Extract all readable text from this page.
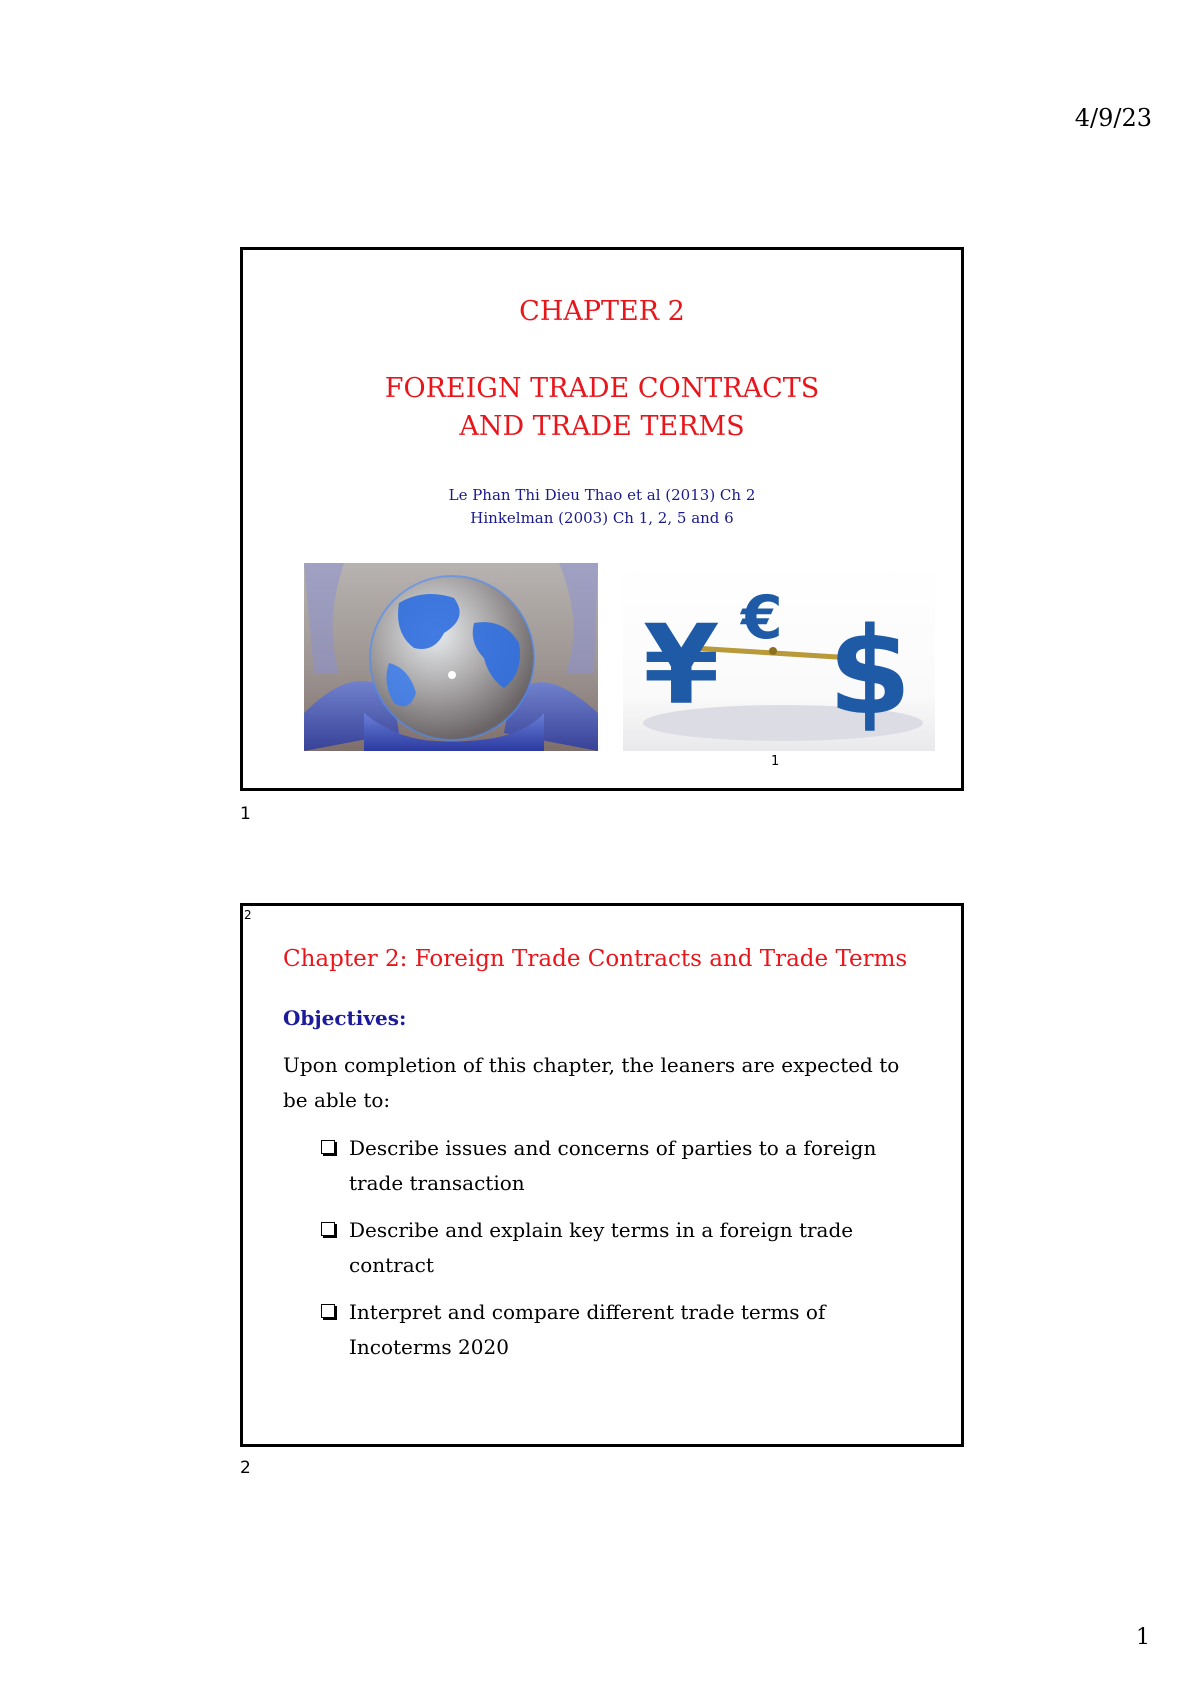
4/9/23
CHAPTER 2
FOREIGN TRADE CONTRACTS
AND TRADE TERMS
Le Phan Thi Dieu Thao et al (2013) Ch 2
Hinkelman (2003) Ch 1, 2, 5 and 6
¥ € $
1
1
2
Chapter 2: Foreign Trade Contracts and Trade Terms
Objectives:
Upon completion of this chapter, the leaners are expected to be able to:
Describe issues and concerns of parties to a foreign trade transaction
Describe and explain key terms in a foreign trade contract
Interpret and compare different trade terms of Incoterms 2020
2
1
